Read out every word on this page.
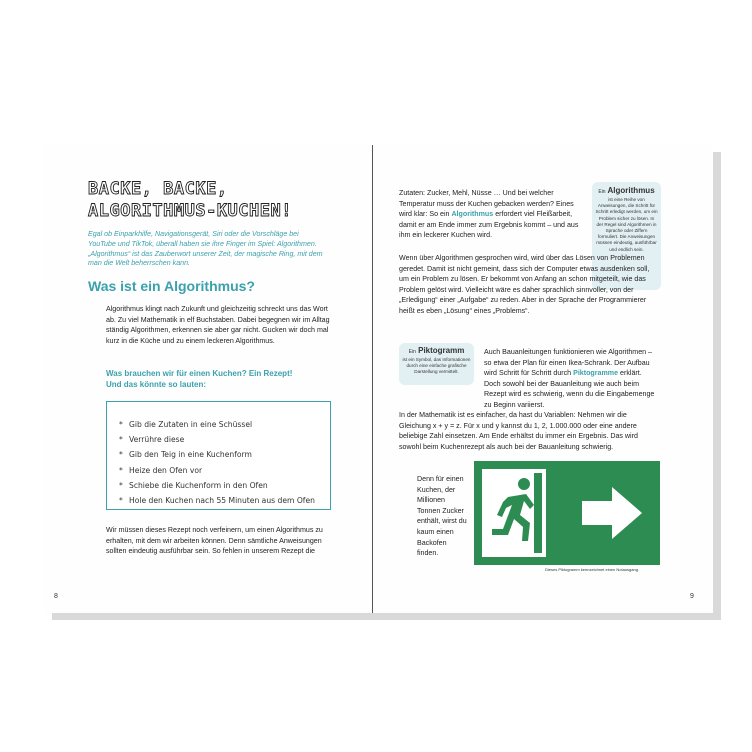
BACKE, BACKE,
ALGORITHMUS-KUCHEN!
Egal ob Einparkhilfe, Navigationsgerät, Siri oder die Vorschläge bei YouTube und TikTok, überall haben sie ihre Finger im Spiel: Algorithmen. „Algorithmus“ ist das Zauberwort unserer Zeit, der magische Ring, mit dem man die Welt beherrschen kann.
Was ist ein Algorithmus?
Algorithmus klingt nach Zukunft und gleichzeitig schreckt uns das Wort ab. Zu viel Mathematik in elf Buchstaben. Dabei begegnen wir im Alltag ständig Algorithmen, erkennen sie aber gar nicht. Gucken wir doch mal kurz in die Küche und zu einem leckeren Algorithmus.
Was brauchen wir für einen Kuchen? Ein Rezept!
Und das könnte so lauten:
* Gib die Zutaten in eine Schüssel
* Verrühre diese
* Gib den Teig in eine Kuchenform
* Heize den Ofen vor
* Schiebe die Kuchenform in den Ofen
* Hole den Kuchen nach 55 Minuten aus dem Ofen
Wir müssen dieses Rezept noch verfeinern, um einen Algorithmus zu erhalten, mit dem wir arbeiten können. Denn sämtliche Anweisungen sollten eindeutig ausführbar sein. So fehlen in unserem Rezept die
8
Zutaten: Zucker, Mehl, Nüsse … Und bei welcher Temperatur muss der Kuchen gebacken werden? Eines wird klar: So ein Algorithmus erfordert viel Fleißarbeit, damit er am Ende immer zum Ergebnis kommt – und aus ihm ein leckerer Kuchen wird.
Ein Algorithmus
ist eine Reihe von Anweisungen, die Schritt für Schritt erledigt werden, um ein Problem sicher zu lösen. In der Regel sind Algorithmen in Sprache oder Ziffern formuliert. Die Anweisungen müssen eindeutig, ausführbar und endlich sein.
Wenn über Algorithmen gesprochen wird, wird über das Lösen von Problemen geredet. Damit ist nicht gemeint, dass sich der Computer etwas ausdenken soll, um ein Problem zu lösen. Er bekommt von Anfang an schon mitgeteilt, wie das Problem gelöst wird. Vielleicht wäre es daher sprachlich sinnvoller, von der „Erledigung“ einer „Aufgabe“ zu reden. Aber in der Sprache der Programmierer heißt es eben „Lösung“ eines „Problems“.
Ein Piktogramm
ist ein Symbol, das Informationen durch eine einfache grafische Darstellung vermittelt.
Auch Bauanleitungen funktionieren wie Algorithmen – so etwa der Plan für einen Ikea-Schrank. Der Aufbau wird Schritt für Schritt durch Piktogramme erklärt. Doch sowohl bei der Bauanleitung wie auch beim Rezept wird es schwierig, wenn du die Eingabemenge zu Beginn variierst.
In der Mathematik ist es einfacher, da hast du Variablen: Nehmen wir die Gleichung x + y = z. Für x und y kannst du 1, 2, 1.000.000 oder eine andere beliebige Zahl einsetzen. Am Ende erhältst du immer ein Ergebnis. Das wird sowohl beim Kuchenrezept als auch bei der Bauanleitung schwierig.
Denn für einen Kuchen, der Millionen Tonnen Zucker enthält, wirst du kaum einen Backofen finden.
Dieses Piktogramm kennzeichnet einen Notausgang.
9
